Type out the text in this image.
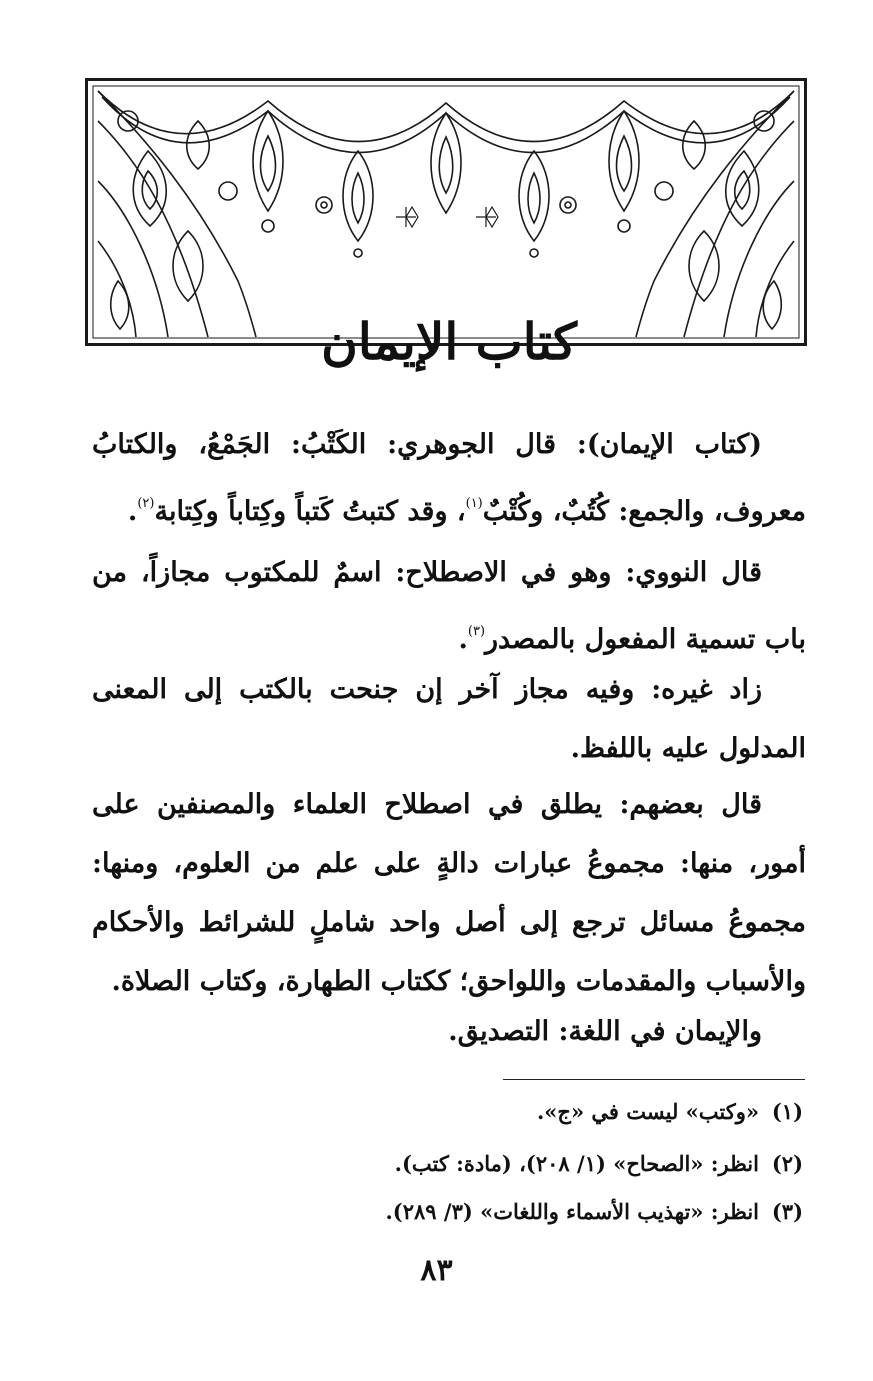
كتاب الإيمان

(كتاب الإيمان): قال الجوهري: الكَتْبُ: الجَمْعُ، والكتابُ معروف، والجمع: كُتُبٌ، وكُتْبٌ$^{(١)}$، وقد كتبتُ كَتباً وكِتاباً وكِتابة$^{(٢)}$.

قال النووي: وهو في الاصطلاح: اسمٌ للمكتوب مجازاً، من باب تسمية المفعول بالمصدر$^{(٣)}$.

زاد غيره: وفيه مجاز آخر إن جنحت بالكتب إلى المعنى المدلول عليه باللفظ.

قال بعضهم: يطلق في اصطلاح العلماء والمصنفين على أمور، منها: مجموعُ عبارات دالةٍ على علم من العلوم، ومنها: مجموعُ مسائل ترجع إلى أصل واحد شاملٍ للشرائط والأحكام والأسباب والمقدمات واللواحق؛ ككتاب الطهارة، وكتاب الصلاة.

والإيمان في اللغة: التصديق.

(١)«وكتب» ليست في «ج».

(٢)انظر: «الصحاح» (١/ ٢٠٨)، (مادة: كتب).

(٣)انظر: «تهذيب الأسماء واللغات» (٣/ ٢٨٩).

٨٣
